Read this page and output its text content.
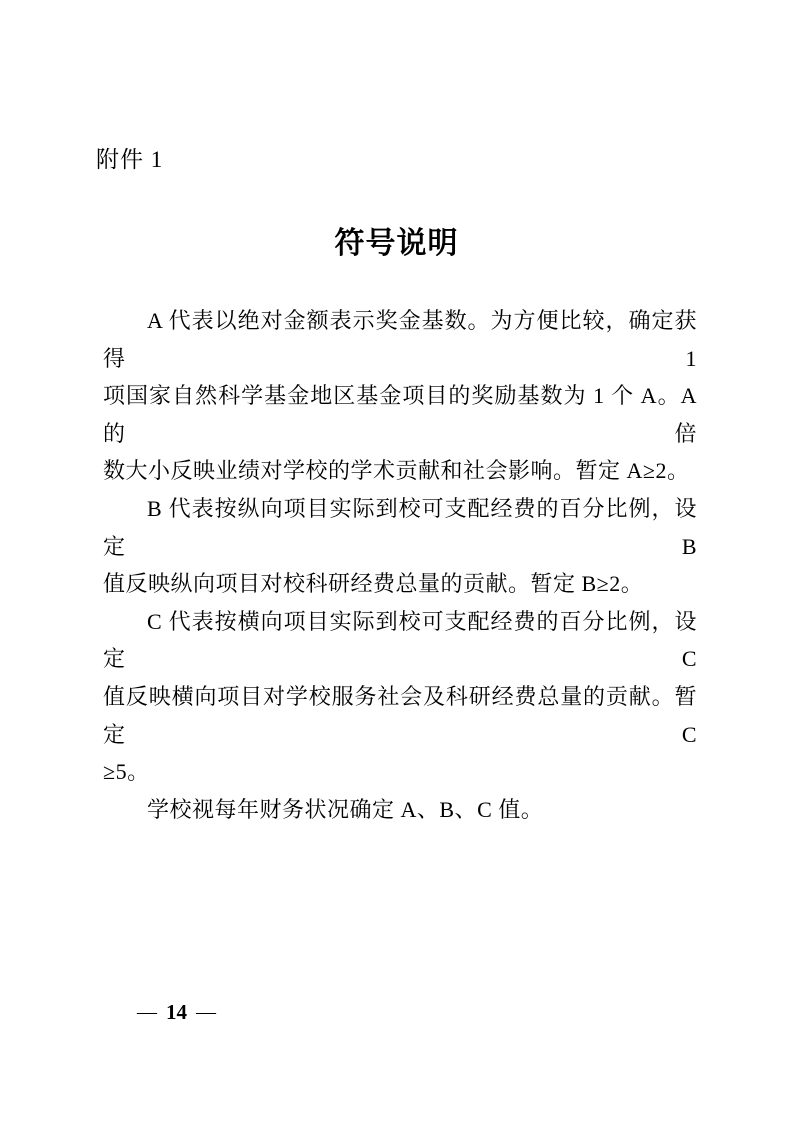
附件 1
符号说明

A 代表以绝对金额表示奖金基数。为方便比较，确定获得 1
项国家自然科学基金地区基金项目的奖励基数为 1 个 A。A 的倍
数大小反映业绩对学校的学术贡献和社会影响。暂定 A≥2。

B 代表按纵向项目实际到校可支配经费的百分比例，设定 B
值反映纵向项目对校科研经费总量的贡献。暂定 B≥2。

C 代表按横向项目实际到校可支配经费的百分比例，设定 C
值反映横向项目对学校服务社会及科研经费总量的贡献。暂定 C
≥5。

学校视每年财务状况确定 A、B、C 值。

— 14 —
